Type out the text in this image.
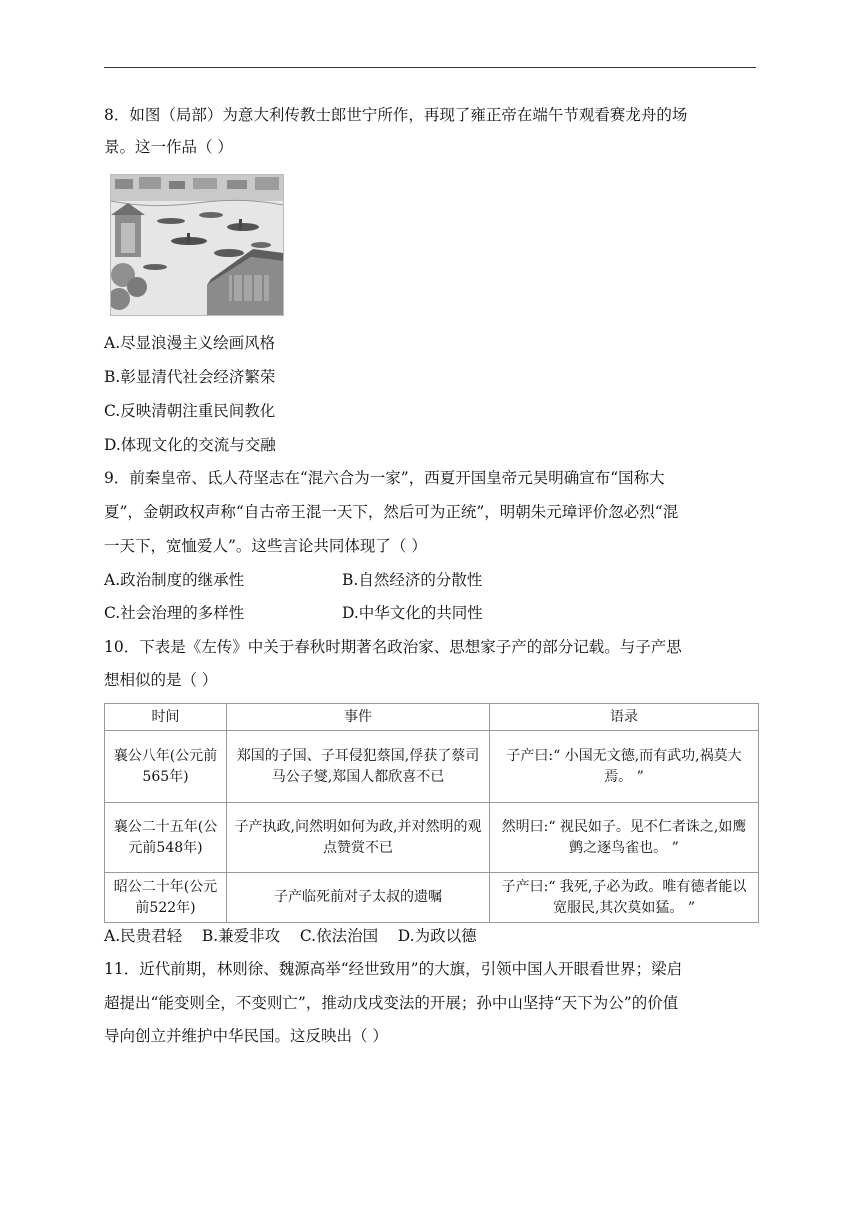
8．如图（局部）为意大利传教士郎世宁所作，再现了雍正帝在端午节观看赛龙舟的场
景。这一作品（ ）
A.尽显浪漫主义绘画风格
B.彰显清代社会经济繁荣
C.反映清朝注重民间教化
D.体现文化的交流与交融
9．前秦皇帝、氐人苻坚志在“混六合为一家”，西夏开国皇帝元昊明确宣布“国称大
夏”，金朝政权声称“自古帝王混一天下，然后可为正统”，明朝朱元璋评价忽必烈“混
一天下，宽恤爱人”。这些言论共同体现了（ ）
A.政治制度的继承性	B.自然经济的分散性
C.社会治理的多样性	D.中华文化的共同性
10．下表是《左传》中关于春秋时期著名政治家、思想家子产的部分记载。与子产思
想相似的是（ ）
时间	事件	语录
襄公八年(公元前565年)	郑国的子国、子耳侵犯蔡国,俘获了蔡司马公子燮,郑国人都欣喜不已	子产曰:“ 小国无文德,而有武功,祸莫大焉。 ”
襄公二十五年(公元前548年)	子产执政,问然明如何为政,并对然明的观点赞赏不已	然明曰:“ 视民如子。见不仁者诛之,如鹰鹯之逐鸟雀也。 ”
昭公二十年(公元前522年)	子产临死前对子太叔的遗嘱	子产曰:“ 我死,子必为政。唯有德者能以宽服民,其次莫如猛。 ”
A.民贵君轻    B.兼爱非攻    C.依法治国    D.为政以德
11．近代前期，林则徐、魏源高举“经世致用”的大旗，引领中国人开眼看世界；梁启
超提出“能变则全，不变则亡”，推动戊戌变法的开展；孙中山坚持“天下为公”的价值
导向创立并维护中华民国。这反映出（ ）
